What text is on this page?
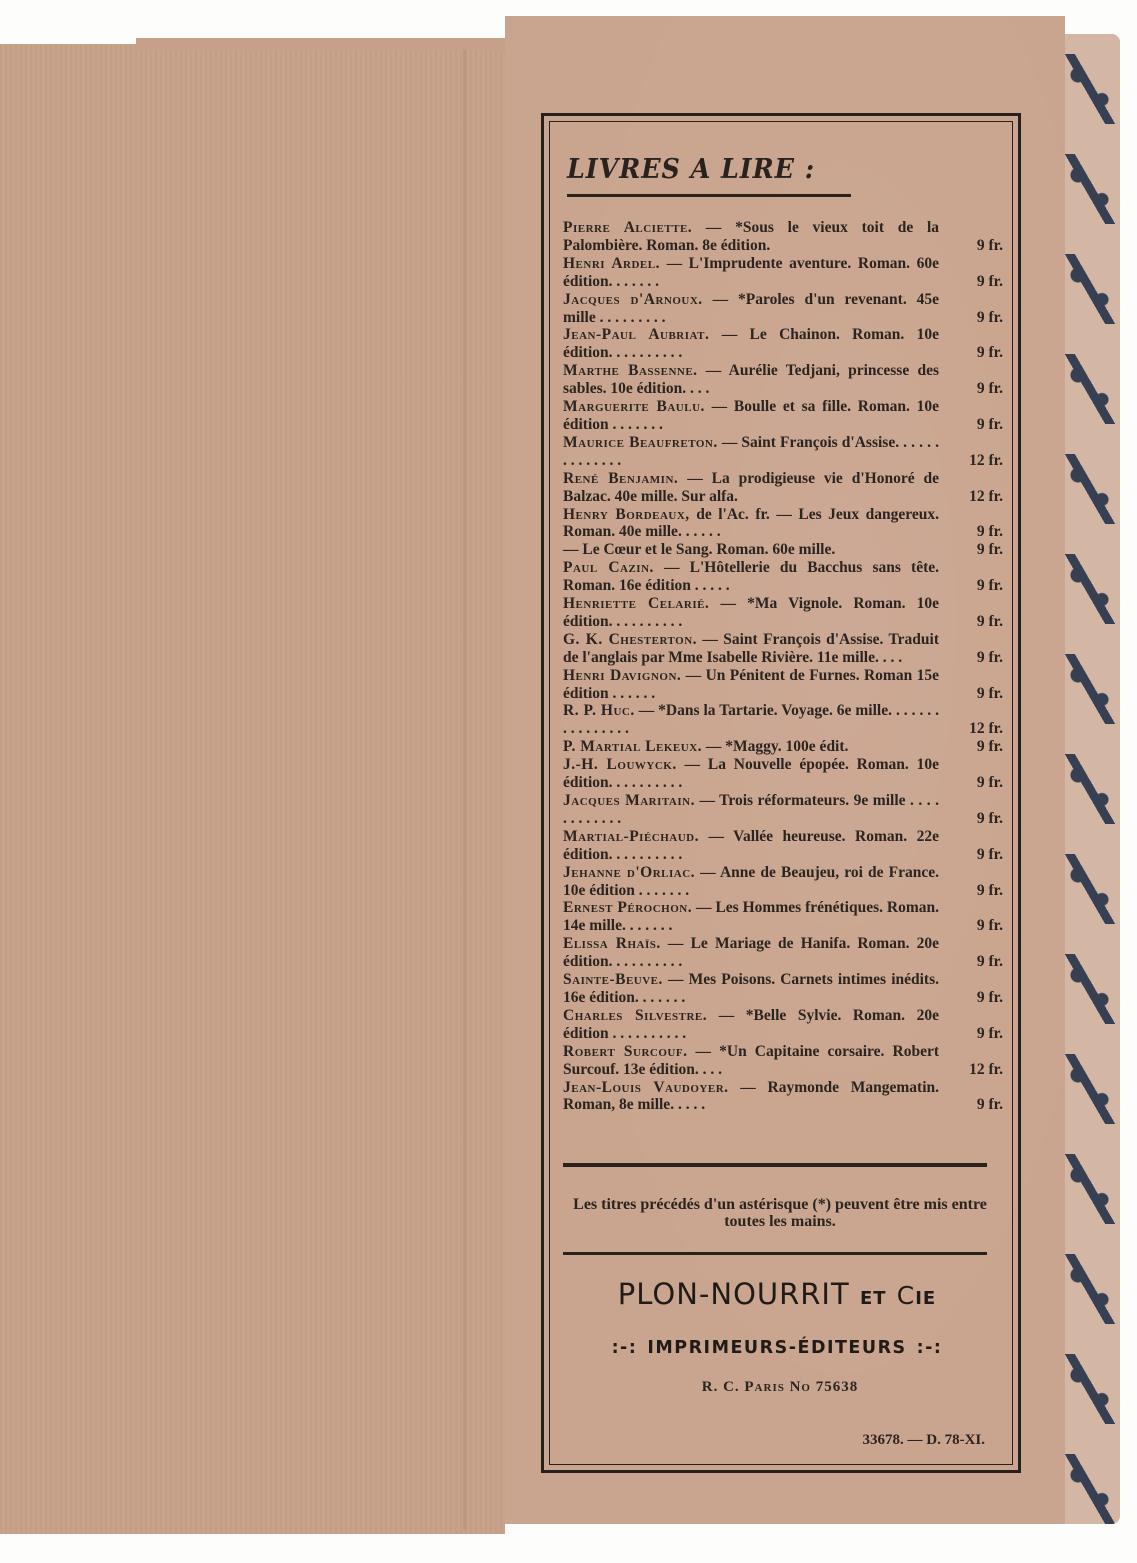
LIVRES A LIRE :
Pierre Alciette. — *Sous le vieux toit de la Palombière. Roman. 8e édition.	9 fr.
Henri Ardel. — L'Imprudente aventure. Roman. 60e édition. . . . . . .	9 fr.
Jacques d'Arnoux. — *Paroles d'un revenant. 45e mille . . . . . . . . .	9 fr.
Jean-Paul Aubriat. — Le Chainon. Roman. 10e édition. . . . . . . . . .	9 fr.
Marthe Bassenne. — Aurélie Tedjani, princesse des sables. 10e édition. . . .	9 fr.
Marguerite Baulu. — Boulle et sa fille. Roman. 10e édition . . . . . . .	9 fr.
Maurice Beaufreton. — Saint François d'Assise. . . . . . . . . . . . . .	12 fr.
René Benjamin. — La prodigieuse vie d'Honoré de Balzac. 40e mille. Sur alfa.	12 fr.
Henry Bordeaux, de l'Ac. fr. — Les Jeux dangereux. Roman. 40e mille. . . . . .	9 fr.
— Le Cœur et le Sang. Roman. 60e mille.	9 fr.
Paul Cazin. — L'Hôtellerie du Bacchus sans tête. Roman. 16e édition . . . . .	9 fr.
Henriette Celarié. — *Ma Vignole. Roman. 10e édition. . . . . . . . . .	9 fr.
G. K. Chesterton. — Saint François d'Assise. Traduit de l'anglais par Mme Isabelle Rivière. 11e mille. . . .	9 fr.
Henri Davignon. — Un Pénitent de Furnes. Roman 15e édition . . . . . .	9 fr.
R. P. Huc. — *Dans la Tartarie. Voyage. 6e mille. . . . . . . . . . . . . . . .	12 fr.
P. Martial Lekeux. — *Maggy. 100e édit.	9 fr.
J.-H. Louwyck. — La Nouvelle épopée. Roman. 10e édition. . . . . . . . . .	9 fr.
Jacques Maritain. — Trois réformateurs. 9e mille . . . . . . . . . . . .	9 fr.
Martial-Piéchaud. — Vallée heureuse. Roman. 22e édition. . . . . . . . . .	9 fr.
Jehanne d'Orliac. — Anne de Beaujeu, roi de France. 10e édition . . . . . . .	9 fr.
Ernest Pérochon. — Les Hommes frénétiques. Roman. 14e mille. . . . . . .	9 fr.
Elissa Rhaïs. — Le Mariage de Hanifa. Roman. 20e édition. . . . . . . . . .	9 fr.
Sainte-Beuve. — Mes Poisons. Carnets intimes inédits. 16e édition. . . . . . .	9 fr.
Charles Silvestre. — *Belle Sylvie. Roman. 20e édition . . . . . . . . . .	9 fr.
Robert Surcouf. — *Un Capitaine corsaire. Robert Surcouf. 13e édition. . . .	12 fr.
Jean-Louis Vaudoyer. — Raymonde Mangematin. Roman, 8e mille. . . . .	9 fr.

Les titres précédés d'un astérisque (*) peuvent être mis entre toutes les mains.

PLON-NOURRIT ET CIE
:-: IMPRIMEURS-ÉDITEURS :-:

R. C. Paris No 75638

33678. — D. 78-XI.
